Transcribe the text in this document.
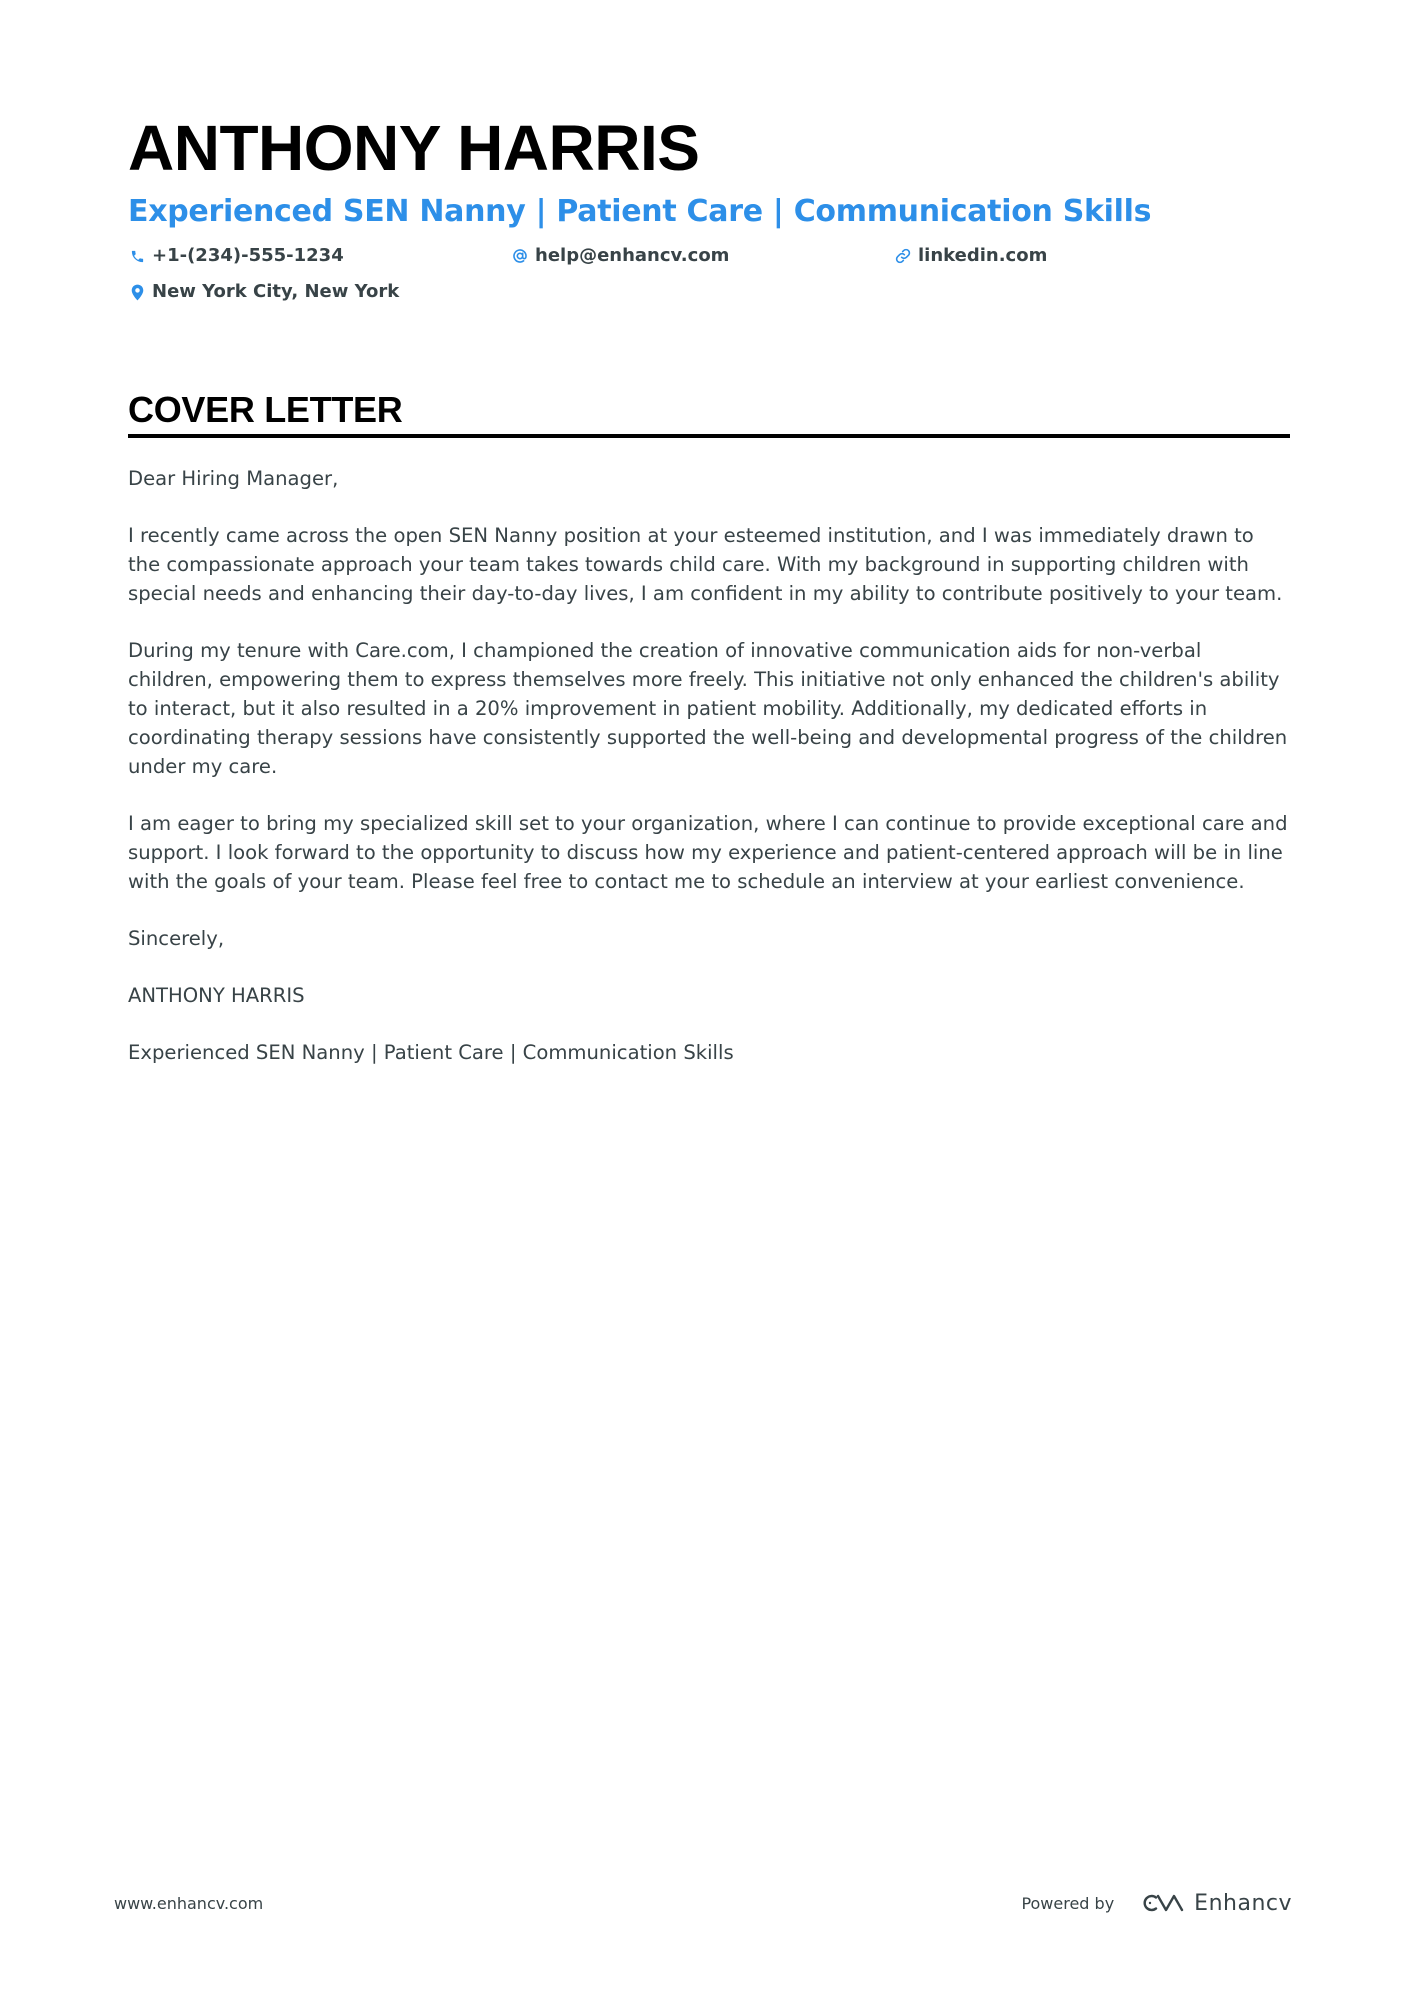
ANTHONY HARRIS
Experienced SEN Nanny | Patient Care | Communication Skills
+1-(234)-555-1234	help@enhancv.com	linkedin.com
New York City, New York
COVER LETTER

Dear Hiring Manager,

I recently came across the open SEN Nanny position at your esteemed institution, and I was immediately drawn to the compassionate approach your team takes towards child care. With my background in supporting children with special needs and enhancing their day-to-day lives, I am confident in my ability to contribute positively to your team.

During my tenure with Care.com, I championed the creation of innovative communication aids for non-verbal children, empowering them to express themselves more freely. This initiative not only enhanced the children's ability to interact, but it also resulted in a 20% improvement in patient mobility. Additionally, my dedicated efforts in coordinating therapy sessions have consistently supported the well-being and developmental progress of the children under my care.

I am eager to bring my specialized skill set to your organization, where I can continue to provide exceptional care and support. I look forward to the opportunity to discuss how my experience and patient-centered approach will be in line with the goals of your team. Please feel free to contact me to schedule an interview at your earliest convenience.

Sincerely,

ANTHONY HARRIS

Experienced SEN Nanny | Patient Care | Communication Skills

www.enhancv.com	Powered by	Enhancv
